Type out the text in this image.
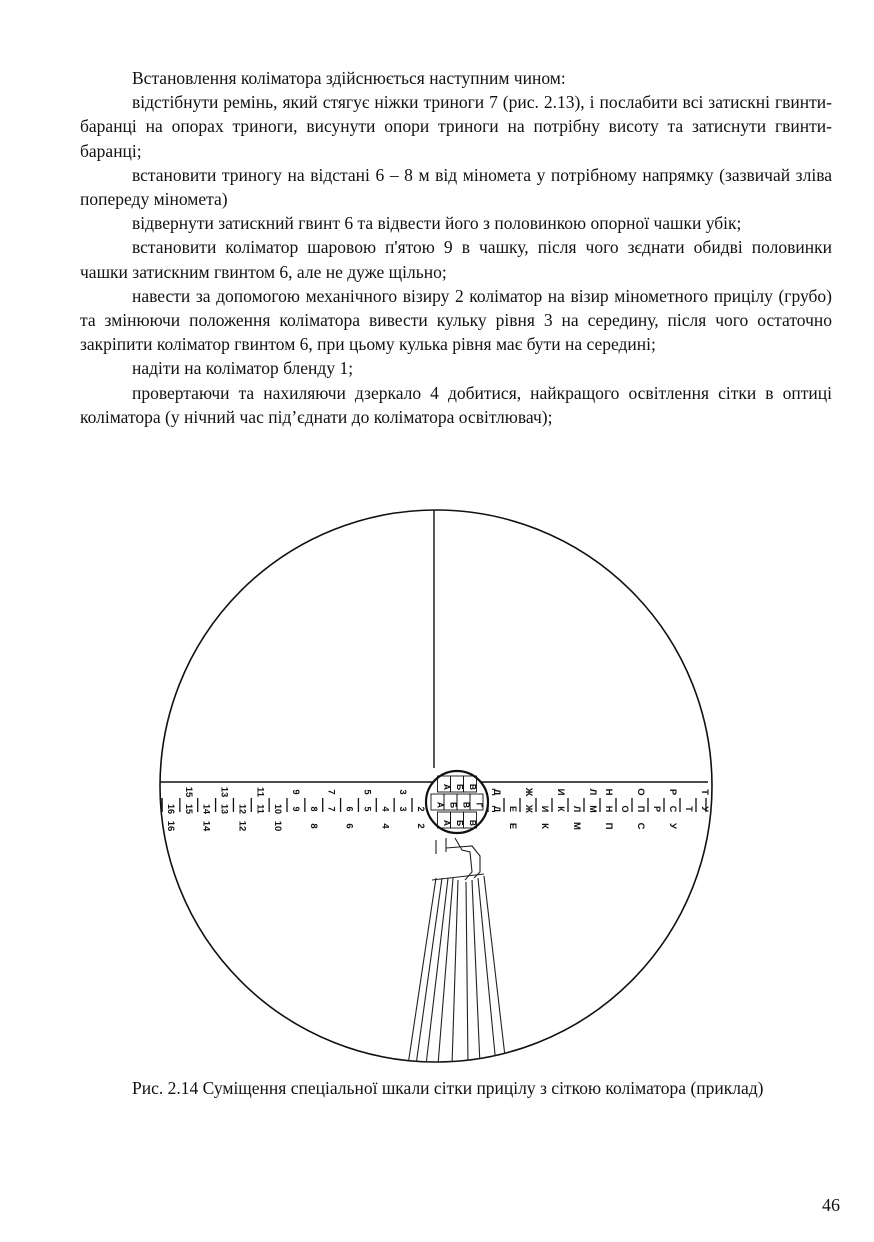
Встановлення коліматора здійснюється наступним чином:

відстібнути ремінь, який стягує ніжки триноги 7 (рис. 2.13), і послабити всі затискні гвинти-баранці на опорах триноги, висунути опори триноги на потрібну висоту та затиснути гвинти-баранці;

встановити триногу на відстані 6 – 8 м від міномета у потрібному напрямку (зазвичай зліва попереду міномета)

відвернути затискний гвинт 6 та відвести його з половинкою опорної чашки убік;

встановити коліматор шаровою п'ятою 9 в чашку, після чого зєднати обидві половинки чашки затискним гвинтом 6, але не дуже щільно;

навести за допомогою механічного візиру 2 коліматор на візир мінометного прицілу (грубо) та змінюючи положення коліматора вивести кульку рівня 3 на середину, після чого остаточно закріпити коліматор гвинтом 6, при цьому кулька рівня має бути на середині;

надіти на коліматор бленду 1;

провертаючи та нахиляючи дзеркало 4 добитися, найкращого освітлення сітки в оптиці коліматора (у нічний час під’єднати до коліматора освітлювач);

16 15 14 13 12 11 10 9 8 7 6 5 4 3 2
15	13	11	9	7	5	3
16	14	12	10	8	6	4	2
Д Е Ж И К Л М Н О П Р С Т У
Д Ж И Л Н О Р Т
Е К М П С У
А Б В
А Б В Г
А Б В

Рис. 2.14 Суміщення спеціальної шкали сітки прицілу з сіткою коліматора (приклад)

46
